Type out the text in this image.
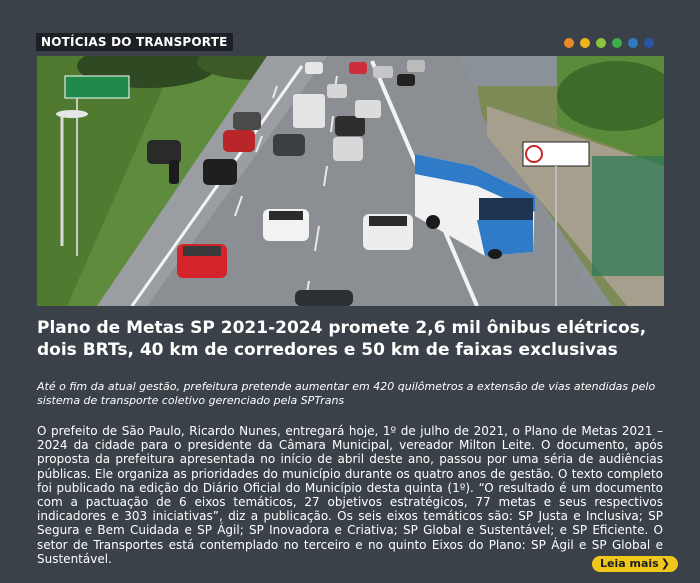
NOTÍCIAS DO TRANSPORTE
Plano de Metas SP 2021-2024 promete 2,6 mil ônibus elétricos, dois BRTs, 40 km de corredores e 50 km de faixas exclusivas

Até o fim da atual gestão, prefeitura pretende aumentar em 420 quilômetros a extensão de vias atendidas pelo sistema de transporte coletivo gerenciado pela SPTrans

O prefeito de São Paulo, Ricardo Nunes, entregará hoje, 1º de julho de 2021, o Plano de Metas 2021 – 2024 da cidade para o presidente da Câmara Municipal, vereador Milton Leite. O documento, após proposta da prefeitura apresentada no início de abril deste ano, passou por uma séria de audiências públicas. Ele organiza as prioridades do município durante os quatro anos de gestão. O texto completo foi publicado na edição do Diário Oficial do Município desta quinta (1º). “O resultado é um documento com a pactuação de 6 eixos temáticos, 27 objetivos estratégicos, 77 metas e seus respectivos indicadores e 303 iniciativas”, diz a publicação. Os seis eixos temáticos são: SP Justa e Inclusiva; SP Segura e Bem Cuidada e SP Ágil; SP Inovadora e Criativa; SP Global e Sustentável; e SP Eficiente. O setor de Transportes está contemplado no terceiro e no quinto Eixos do Plano: SP Ágil e SP Global e Sustentável.	Leia mais ❯
